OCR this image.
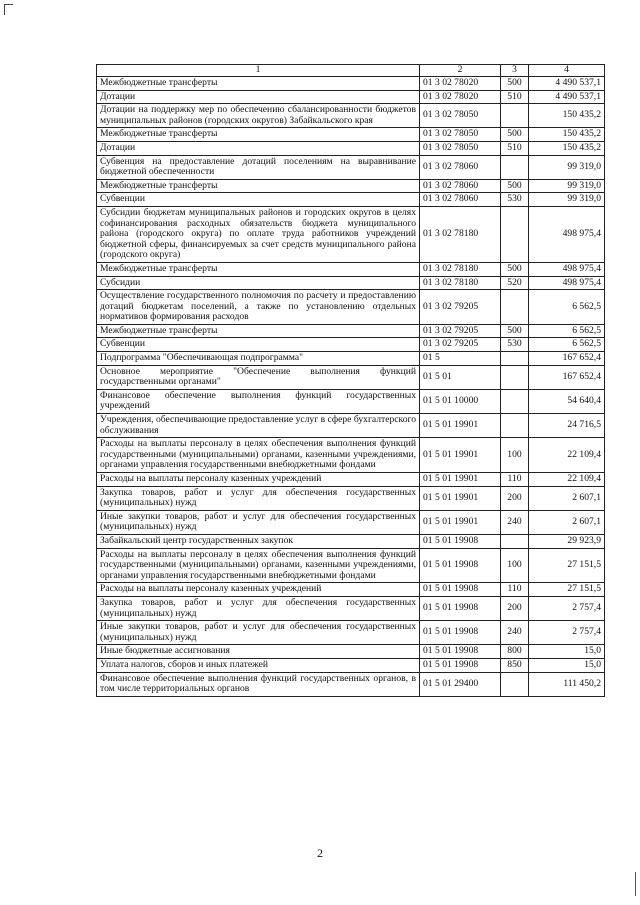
1	2	3	4
Межбюджетные трансферты	01 3 02 78020	500	4 490 537,1
Дотации	01 3 02 78020	510	4 490 537,1
Дотации на поддержку мер по обеспечению сбалансированности бюджетов муниципальных районов (городских округов) Забайкальского края	01 3 02 78050		150 435,2
Межбюджетные трансферты	01 3 02 78050	500	150 435,2
Дотации	01 3 02 78050	510	150 435,2
Субвенция на предоставление дотаций поселениям на выравнивание бюджетной обеспеченности	01 3 02 78060		99 319,0
Межбюджетные трансферты	01 3 02 78060	500	99 319,0
Субвенции	01 3 02 78060	530	99 319,0
Субсидии бюджетам муниципальных районов и городских округов в целях софинансирования расходных обязательств бюджета муниципального района (городского округа) по оплате труда работников учреждений бюджетной сферы, финансируемых за счет средств муниципального района (городского округа)	01 3 02 78180		498 975,4
Межбюджетные трансферты	01 3 02 78180	500	498 975,4
Субсидии	01 3 02 78180	520	498 975,4
Осуществление государственного полномочия по расчету и предоставлению дотаций бюджетам поселений, а также по установлению отдельных нормативов формирования расходов	01 3 02 79205		6 562,5
Межбюджетные трансферты	01 3 02 79205	500	6 562,5
Субвенции	01 3 02 79205	530	6 562,5
Подпрограмма "Обеспечивающая подпрограмма"	01 5		167 652,4
Основное мероприятие "Обеспечение выполнения функций государственными органами"	01 5 01		167 652,4
Финансовое обеспечение выполнения функций государственных учреждений	01 5 01 10000		54 640,4
Учреждения, обеспечивающие предоставление услуг в сфере бухгалтерского обслуживания	01 5 01 19901		24 716,5
Расходы на выплаты персоналу в целях обеспечения выполнения функций государственными (муниципальными) органами, казенными учреждениями, органами управления государственными внебюджетными фондами	01 5 01 19901	100	22 109,4
Расходы на выплаты персоналу казенных учреждений	01 5 01 19901	110	22 109,4
Закупка товаров, работ и услуг для обеспечения государственных (муниципальных) нужд	01 5 01 19901	200	2 607,1
Иные закупки товаров, работ и услуг для обеспечения государственных (муниципальных) нужд	01 5 01 19901	240	2 607,1
Забайкальский центр государственных закупок	01 5 01 19908		29 923,9
Расходы на выплаты персоналу в целях обеспечения выполнения функций государственными (муниципальными) органами, казенными учреждениями, органами управления государственными внебюджетными фондами	01 5 01 19908	100	27 151,5
Расходы на выплаты персоналу казенных учреждений	01 5 01 19908	110	27 151,5
Закупка товаров, работ и услуг для обеспечения государственных (муниципальных) нужд	01 5 01 19908	200	2 757,4
Иные закупки товаров, работ и услуг для обеспечения государственных (муниципальных) нужд	01 5 01 19908	240	2 757,4
Иные бюджетные ассигнования	01 5 01 19908	800	15,0
Уплата налогов, сборов и иных платежей	01 5 01 19908	850	15,0
Финансовое обеспечение выполнения функций государственных органов, в том числе территориальных органов	01 5 01 29400		111 450,2
2
